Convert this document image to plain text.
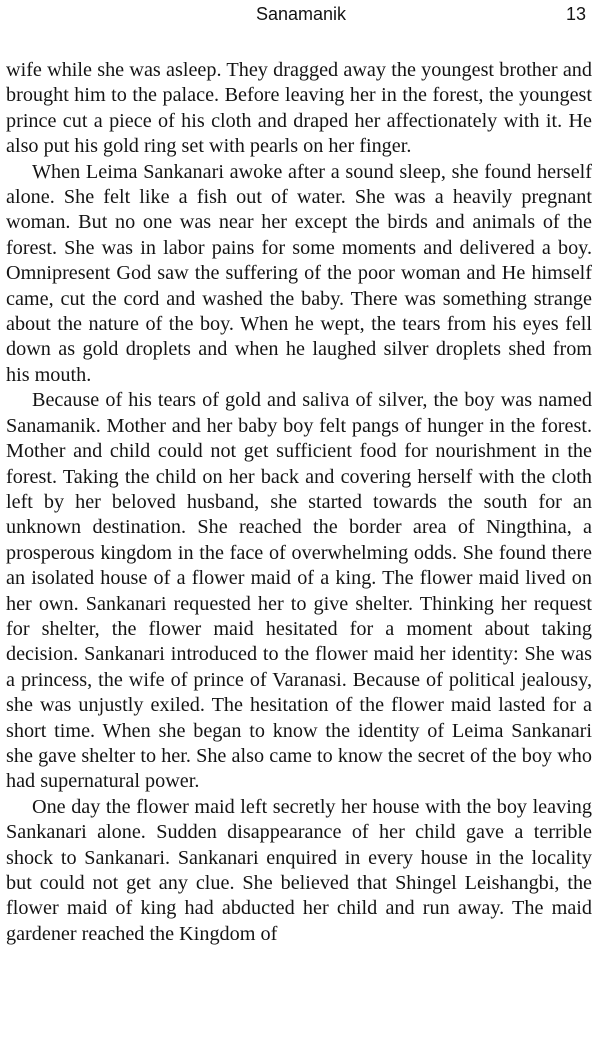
Sanamanik	13

wife while she was asleep. They dragged away the youngest brother and brought him to the palace. Before leaving her in the forest, the youngest prince cut a piece of his cloth and draped her affectionately with it. He also put his gold ring set with pearls on her finger.

When Leima Sankanari awoke after a sound sleep, she found herself alone. She felt like a fish out of water. She was a heavily pregnant woman. But no one was near her except the birds and animals of the forest. She was in labor pains for some moments and delivered a boy. Omnipresent God saw the suffering of the poor woman and He himself came, cut the cord and washed the baby. There was something strange about the nature of the boy. When he wept, the tears from his eyes fell down as gold droplets and when he laughed silver droplets shed from his mouth.

Because of his tears of gold and saliva of silver, the boy was named Sanamanik. Mother and her baby boy felt pangs of hunger in the forest. Mother and child could not get sufficient food for nourishment in the forest. Taking the child on her back and covering herself with the cloth left by her beloved husband, she started towards the south for an unknown destination. She reached the border area of Ningthina, a prosperous kingdom in the face of overwhelming odds. She found there an isolated house of a flower maid of a king. The flower maid lived on her own. Sankanari requested her to give shelter. Thinking her request for shelter, the flower maid hesitated for a moment about taking decision. Sankanari introduced to the flower maid her identity: She was a princess, the wife of prince of Varanasi. Because of political jealousy, she was unjustly exiled. The hesitation of the flower maid lasted for a short time. When she began to know the identity of Leima Sankanari she gave shelter to her. She also came to know the secret of the boy who had supernatural power.

One day the flower maid left secretly her house with the boy leaving Sankanari alone. Sudden disappearance of her child gave a terrible shock to Sankanari. Sankanari enquired in every house in the locality but could not get any clue. She believed that Shingel Leishangbi, the flower maid of king had abducted her child and run away. The maid gardener reached the Kingdom of
